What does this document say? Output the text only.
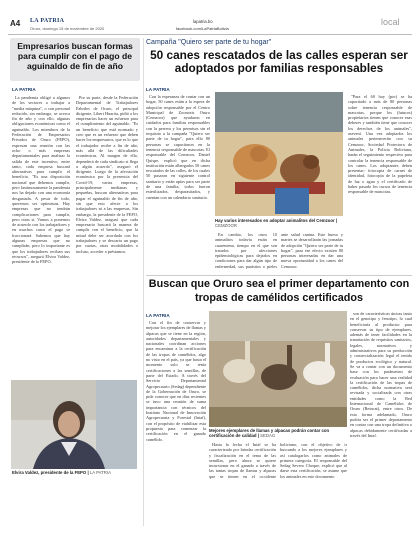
A4 LA PATRIA
Oruro, domingo 15 de noviembre de 2020
lapatria.bo
facebook.com/LaPatriaBolivia
local
Empresarios buscan formas para cumplir con el pago de aguinaldo de fin de año
LA PATRIA

La pandemia obligó a algunos de los sectores a trabajar a "media máquina", o con personal reducido, sin embargo, se acerca fin de año y con ello, algunas obligaciones económicas como el aguinaldo. Los miembros de la Federación de Empresarios Privados de Oruro (FEPO), expresan una reunión con las ocho o más empresas departamentales para analizar la salida de este incentivo, entre tanto, cada empresa buscará alternativas para cumplir el beneficio. "Es una disposición nacional que debemos cumplir, pero lastimosamente la pandemia nos ha dejado con una economía desgastada. A pesar de todo, queremos ser optimistas. Hay empresas que no tendrán complicaciones para cumplir, pero otras sí. Vamos a ponernos de acuerdo con los trabajadores y en muchos casos el pago se fraccionará. Sabemos que hay algunas empresas que no cumplirán, pero lo importante es que los trabajadores reciban sus recursos", aseguró Elvira Valdez, presidente de la FEPO.

Por su parte, desde la Federación Departamental de Trabajadores Fabriles de Oruro, el principal dirigente, Libert Huarita, pidió a los empresarios hacer un esfuerzo para el cumplimiento del aguinaldo. "Es un beneficio que está normado y creo que es un esfuerzo que deben hacer los empresarios, que es lo que el trabajador recibe a fin de año, más allá de las dificultades económicas. Al margen de ello, dependerá de cada sindicato si llega a algún acuerdo", aseguró el dirigente. Luego de la afectación económica por la presencia del Covid-19, varias empresas, principalmente medianas y pequeñas, buscan alternativas para pagar el aguinaldo de fin de año, sin que esto afecte a los trabajadores ni a las empresas. Sin embargo, la presidente de la FEPO, Elvira Valdez, aseguró que cada empresario buscará la manera de cumplir con el beneficio, que la mitad debe ser acordada con los trabajadores y se descarta un pago por cuotas, otras modalidades o incluso, acceder a préstamos.

Elvira Valdez, presidente de la FEPO | LA PATRIA
Campaña "Quiero ser parte de tu hogar"
50 canes rescatados de las calles esperan ser adoptados por familias responsables
LA PATRIA

Con la esperanza de contar con un hogar, 50 canes están a la espera de adopción responsable por el Centro Municipal de Zoonosis Oruro (Cemzoor) que ayudaron en cuidados para familias responsables con la perrera y los permisos sin el requisito a la campaña "Quiero ser parte de tu hogar", para ello 80 personas se capacitaron en la tenencia responsable de mascotas. El responsable del Cemzoor, Daniel Quispe, explicó que en dicha institución están albergados 50 canes rescatados de las calles, de los cuales 50 pasaron en siguiente control sanitario y están aptos para ser parte de una familia, todos fueron esterilizados, desparasitados, y cuentan con un calendario sanitario.

Hay varios interesados en adoptar animalitos del Cemzoor | CEMZOOR

En cambio, los otros 10 animalitos todavía están en cuarentena, tiempo en el que son tratados por afecciones epidemiológicas para dejarlos en condiciones para dar algún tipo de enfermedad, sus parásitos o pieles ante salud canina. Este hueso y martes se desarrollarán las jornadas de adopción "Quiero ser parte de tu hogar", para ese efecto existen 80 personas interesadas en dar una nueva oportunidad a los canes del Cemzoor.

"Para el 60 hoy (por) se ha capacitado a más de 80 personas sobre tenencia responsable de mascotas, porque los (futuros) propietarios tienen que conocer esas deberes y también tiene que conocer los derechos de los animales", aseveró. Una vez adoptados los animales pertenecerán con su Cemzoor, Sociedad Protectora de Animales, la Policía Boliviana, harán el seguimiento respectivo para controlar la tenencia responsable de los canes. Los adoptantes deben presentar: fotocopia de carnet de identidad, fotocopia de la papeleta de luz o agua y el certificado de haber pasado los cursos de tenencia responsable de mascotas.

Buscan que Oruro sea el primer departamento con tropas de camélidos certificados
LA PATRIA

Con el fin de conservar y mejorar los ejemplares de llamas y alpacas que se tiene en la región, autoridades departamentales y nacionales coordinan acciones para encaminar a la certificación de las tropas de camélidos, algo no visto en el país, ya que hasta el momento solo se tenía certificaciones a las semillas, de parte del Estado. A través del Servicio Departamental Agropecuario (Sedag) dependiente de la Gobernación de Oruro, se pide conocer que en días recientes se tuvo una reunión de suma importancia con técnicos del Instituto Nacional de Innovación Agropecuaria y Forestal (Iniaf), con el propósito de viabilizar esta propuesta para comenzar la certificación en el ganado camélido.

Mejores ejemplares de llamas y alpacas podrán contar con certificación de calidad | SEDAG

Hasta la fecha el Iniaf se ha caracterizado por brindar certificación y fiscalización en el tema de las semillas, pero ahora se quiere incursionar en el ganado a través de las tantas tropas de llamas y alpacas que se tienen en el occidente boliviano, con el objetivo de ir buscando a los mejores ejemplares y así catalogarlos como animales de primera categoría. El responsable del Sedag Severo Choque, explicó que al darse esta certificación, se asume que los animales en este documento

son de características únicas tanto en el genotipo y fenotipo, lo cual beneficiaría al productor para conservar su tipo de ejemplares, además de tener facilidades en la tramitación de requisitos sanitarios, legales, normativos y administrativos para su producción y comercialización legal el tenido de productos ecológico y natural. Se va a contar con un documento base con los parámetros de evaluación para hacer una realidad la certificación de las tropas de camélidos, dicha normativa será revisada y socializada con otras entidades como la Red Internacional de Camélidos de Oruro (Reincat), entre otros. De esta forma adelantado, Oruro podría ser el primer departamento en contar con una tropa definitiva o alpacas debidamente certificadas a través del Iniaf.
